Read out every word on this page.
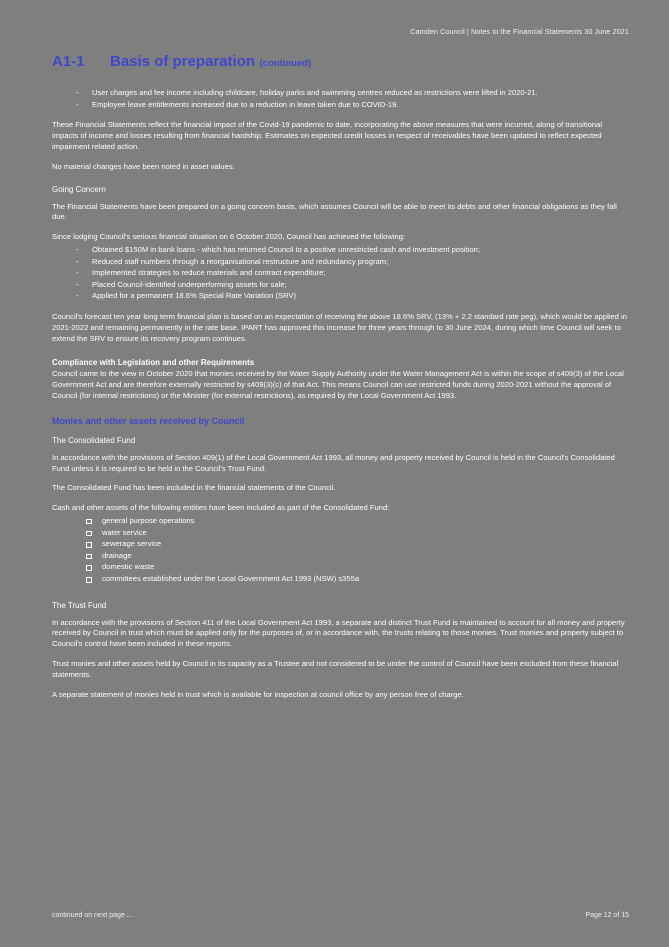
Camden Council | Notes to the Financial Statements 30 June 2021
A1-1 Basis of preparation (continued)
- User charges and fee income including childcare, holiday parks and swimming centres reduced as restrictions were lifted in 2020-21.
- Employee leave entitlements increased due to a reduction in leave taken due to COVID-19.

These Financial Statements reflect the financial impact of the Covid-19 pandemic to date, incorporating the above measures that were incurred, along of transitional impacts of income and losses resulting from financial hardship. Estimates on expected credit losses in respect of receivables have been updated to reflect expected impairment related action.

No material changes have been noted in asset values.

Going Concern

The Financial Statements have been prepared on a going concern basis, which assumes Council will be able to meet its debts and other financial obligations as they fall due.

Since lodging Council's serious financial situation on 6 October 2020, Council has achieved the following:

- Obtained $150M in bank loans - which has returned Council to a positive unrestricted cash and investment position;
- Reduced staff numbers through a reorganisational restructure and redundancy program;
- Implemented strategies to reduce materials and contract expenditure;
- Placed Council-identified underperforming assets for sale;
- Applied for a permanent 18.6% Special Rate Variation (SRV)

Council's forecast ten year long term financial plan is based on an expectation of receiving the above 18.6% SRV, (13% + 2.2 standard rate peg), which would be applied in 2021-2022 and remaining permanently in the rate base. IPART has approved this increase for three years through to 30 June 2024, during which time Council will seek to extend the SRV to ensure its recovery program continues.

Compliance with Legislation and other Requirements

Council came to the view in October 2020 that monies received by the Water Supply Authority under the Water Management Act is within the scope of s409(3) of the Local Government Act and are therefore externally restricted by s409(3)(c) of that Act. This means Council can use restricted funds during 2020-2021 without the approval of Council (for internal restrictions) or the Minister (for external restrictions), as required by the Local Government Act 1993.

Monies and other assets received by Council
The Consolidated Fund

In accordance with the provisions of Section 409(1) of the Local Government Act 1993, all money and property received by Council is held in the Council's Consolidated Fund unless it is required to be held in the Council's Trust Fund.

The Consolidated Fund has been included in the financial statements of the Council.

Cash and other assets of the following entities have been included as part of the Consolidated Fund:

general purpose operations
water service
sewerage service
drainage
domestic waste
committees established under the Local Government Act 1993 (NSW) s355a
The Trust Fund

In accordance with the provisions of Section 411 of the Local Government Act 1993, a separate and distinct Trust Fund is maintained to account for all money and property received by Council in trust which must be applied only for the purposes of, or in accordance with, the trusts relating to those monies. Trust monies and property subject to Council's control have been included in these reports.

Trust monies and other assets held by Council in its capacity as a Trustee and not considered to be under the control of Council have been excluded from these financial statements.

A separate statement of monies held in trust which is available for inspection at council office by any person free of charge.

continued on next page ...	Page 12 of 15
